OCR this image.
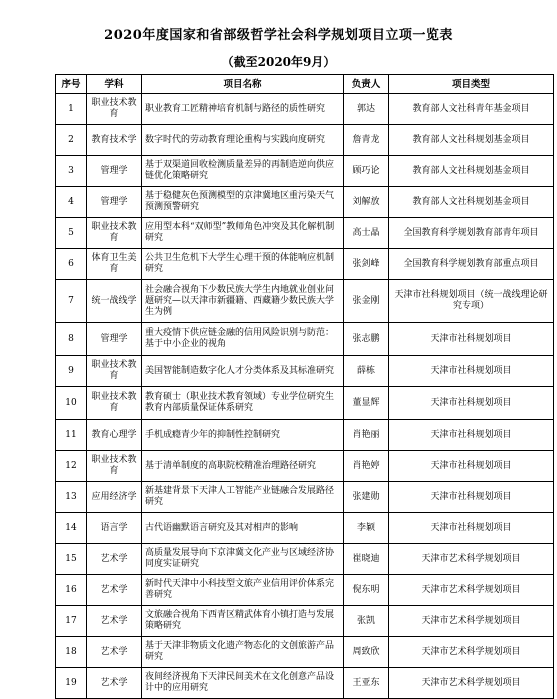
2020年度国家和省部级哲学社会科学规划项目立项一览表
（截至2020年9月）
序号	学科	项目名称	负责人	项目类型
1	职业技术教育	职业教育工匠精神培育机制与路径的质性研究	郭达	教育部人文社科青年基金项目
2	教育技术学	数字时代的劳动教育理论重构与实践向度研究	詹青龙	教育部人文社科规划基金项目
3	管理学	基于双渠道回收检测质量差异的再制造逆向供应链优化策略研究	顾巧论	教育部人文社科规划基金项目
4	管理学	基于稳健灰色预测模型的京津冀地区重污染天气预测预警研究	刘解放	教育部人文社科规划基金项目
5	职业技术教育	应用型本科“双师型”教师角色冲突及其化解机制研究	高士晶	全国教育科学规划教育部青年项目
6	体育卫生美育	公共卫生危机下大学生心理干预的体能响应机制研究	张剑峰	全国教育科学规划教育部重点项目
7	统一战线学	社会融合视角下少数民族大学生内地就业创业问题研究—以天津市新疆籍、西藏籍少数民族大学生为例	张金刚	天津市社科规划项目（统一战线理论研究专项）
8	管理学	重大疫情下供应链金融的信用风险识别与防范：基于中小企业的视角	张志鹏	天津市社科规划项目
9	职业技术教育	美国智能制造数字化人才分类体系及其标准研究	薛栋	天津市社科规划项目
10	职业技术教育	教育硕士（职业技术教育领域）专业学位研究生教育内部质量保证体系研究	董显辉	天津市社科规划项目
11	教育心理学	手机成瘾青少年的抑制性控制研究	肖艳丽	天津市社科规划项目
12	职业技术教育	基于清单制度的高职院校精准治理路径研究	肖艳婷	天津市社科规划项目
13	应用经济学	新基建背景下天津人工智能产业链融合发展路径研究	张建勋	天津市社科规划项目
14	语言学	古代语幽默语言研究及其对相声的影响	李颖	天津市社科规划项目
15	艺术学	高质量发展导向下京津冀文化产业与区域经济协同度实证研究	崔晓迪	天津市艺术科学规划项目
16	艺术学	新时代天津中小科技型文旅产业信用评价体系完善研究	倪东明	天津市艺术科学规划项目
17	艺术学	文旅融合视角下西青区精武体育小镇打造与发展策略研究	张凯	天津市艺术科学规划项目
18	艺术学	基于天津非物质文化遗产物态化的文创旅游产品研究	周致欣	天津市艺术科学规划项目
19	艺术学	夜间经济视角下天津民间美术在文化创意产品设计中的应用研究	王亚东	天津市艺术科学规划项目
